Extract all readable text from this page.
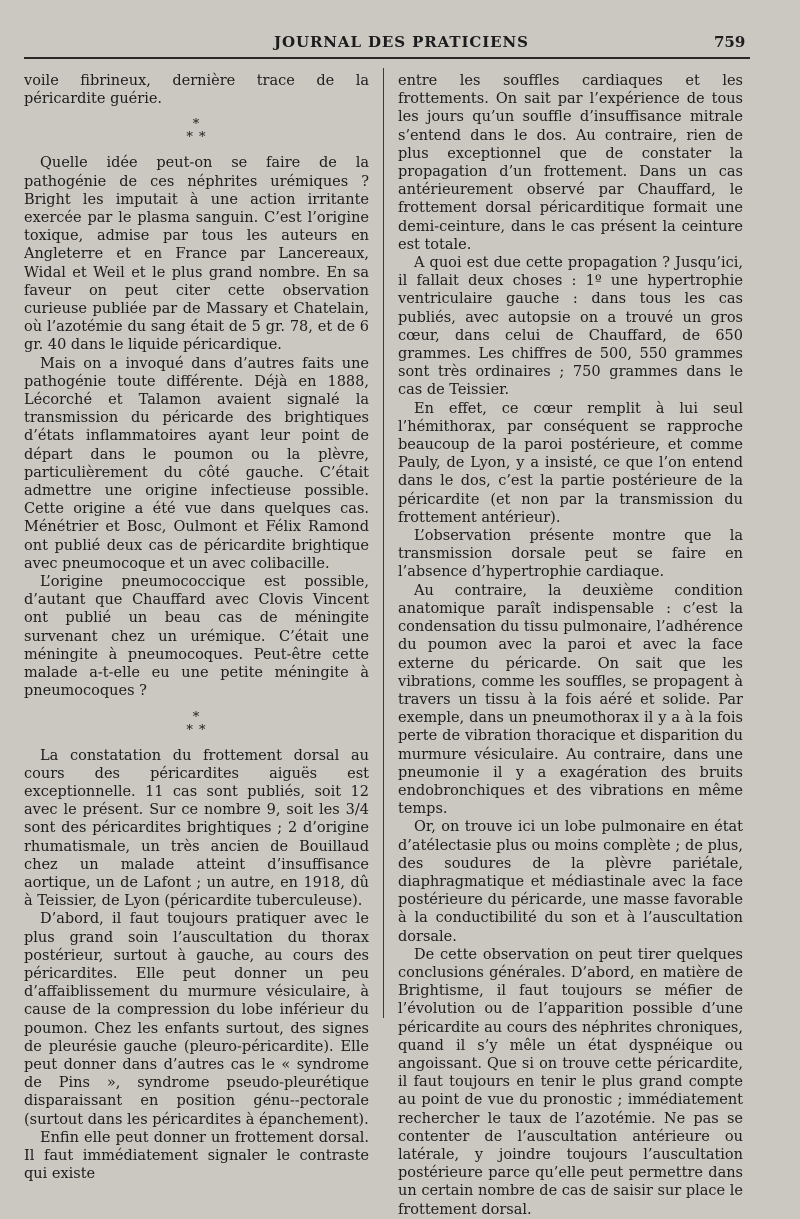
JOURNAL DES PRATICIENS	759

voile fibrineux, dernière trace de la péricardite guérie.

*
* *

Quelle idée peut-on se faire de la pathogénie de ces néphrites urémiques ? Bright les imputait à une action irritante exercée par le plasma sanguin. C’est l’origine toxique, admise par tous les auteurs en Angleterre et en France par Lancereaux, Widal et Weil et le plus grand nombre. En sa faveur on peut citer cette observation curieuse publiée par de Massary et Chatelain, où l’azotémie du sang était de 5 gr. 78, et de 6 gr. 40 dans le liquide péricardique.

Mais on a invoqué dans d’autres faits une pathogénie toute différente. Déjà en 1888, Lécorché et Talamon avaient signalé la transmission du péricarde des brightiques d’états inflammatoires ayant leur point de départ dans le poumon ou la plèvre, particulièrement du côté gauche. C’était admettre une origine infectieuse possible. Cette origine a été vue dans quelques cas. Ménétrier et Bosc, Oulmont et Félix Ramond ont publié deux cas de péricardite brightique avec pneumocoque et un avec colibacille.

L’origine pneumococcique est possible, d’autant que Chauffard avec Clovis Vincent ont publié un beau cas de méningite survenant chez un urémique. C’était une méningite à pneumocoques. Peut-être cette malade a-t-elle eu une petite méningite à pneumocoques ?

*
* *

La constatation du frottement dorsal au cours des péricardites aiguës est exceptionnelle. 11 cas sont publiés, soit 12 avec le présent. Sur ce nombre 9, soit les 3/4 sont des péricardites brightiques ; 2 d’origine rhumatismale, un très ancien de Bouillaud chez un malade atteint d’insuffisance aortique, un de Lafont ; un autre, en 1918, dû à Teissier, de Lyon (péricardite tuberculeuse).

D’abord, il faut toujours pratiquer avec le plus grand soin l’auscultation du thorax postérieur, surtout à gauche, au cours des péricardites. Elle peut donner un peu d’affaiblissement du murmure vésiculaire, à cause de la compression du lobe inférieur du poumon. Chez les enfants surtout, des signes de pleurésie gauche (pleuro-péricardite). Elle peut donner dans d’autres cas le « syndrome de Pins », syndrome pseudo-pleurétique disparaissant en position génu--pectorale (surtout dans les péricardites à épanchement).

Enfin elle peut donner un frottement dorsal. Il faut immédiatement signaler le contraste qui existe

entre les souffles cardiaques et les frottements. On sait par l’expérience de tous les jours qu’un souffle d’insuffisance mitrale s’entend dans le dos. Au contraire, rien de plus exceptionnel que de constater la propagation d’un frottement. Dans un cas antérieurement observé par Chauffard, le frottement dorsal péricarditique formait une demi-ceinture, dans le cas présent la ceinture est totale.

A quoi est due cette propagation ? Jusqu’ici, il fallait deux choses : 1º une hypertrophie ventriculaire gauche : dans tous les cas publiés, avec autopsie on a trouvé un gros cœur, dans celui de Chauffard, de 650 grammes. Les chiffres de 500, 550 grammes sont très ordinaires ; 750 grammes dans le cas de Teissier.

En effet, ce cœur remplit à lui seul l’hémithorax, par conséquent se rapproche beaucoup de la paroi postérieure, et comme Pauly, de Lyon, y a insisté, ce que l’on entend dans le dos, c’est la partie postérieure de la péricardite (et non par la transmission du frottement antérieur).

L’observation présente montre que la transmission dorsale peut se faire en l’absence d’hypertrophie cardiaque.

Au contraire, la deuxième condition anatomique paraît indispensable : c’est la condensation du tissu pulmonaire, l’adhérence du poumon avec la paroi et avec la face externe du péricarde. On sait que les vibrations, comme les souffles, se propagent à travers un tissu à la fois aéré et solide. Par exemple, dans un pneumothorax il y a à la fois perte de vibration thoracique et disparition du murmure vésiculaire. Au contraire, dans une pneumonie il y a exagération des bruits endobronchiques et des vibrations en même temps.

Or, on trouve ici un lobe pulmonaire en état d’atélectasie plus ou moins complète ; de plus, des soudures de la plèvre pariétale, diaphragmatique et médiastinale avec la face postérieure du péricarde, une masse favorable à la conductibilité du son et à l’auscultation dorsale.

De cette observation on peut tirer quelques conclusions générales. D’abord, en matière de Brightisme, il faut toujours se méfier de l’évolution ou de l’apparition possible d’une péricardite au cours des néphrites chroniques, quand il s’y mêle un état dyspnéique ou angoissant. Que si on trouve cette péricardite, il faut toujours en tenir le plus grand compte au point de vue du pronostic ; immédiatement rechercher le taux de l’azotémie. Ne pas se contenter de l’auscultation antérieure ou latérale, y joindre toujours l’auscultation postérieure parce qu’elle peut permettre dans un certain nombre de cas de saisir sur place le frottement dorsal.
